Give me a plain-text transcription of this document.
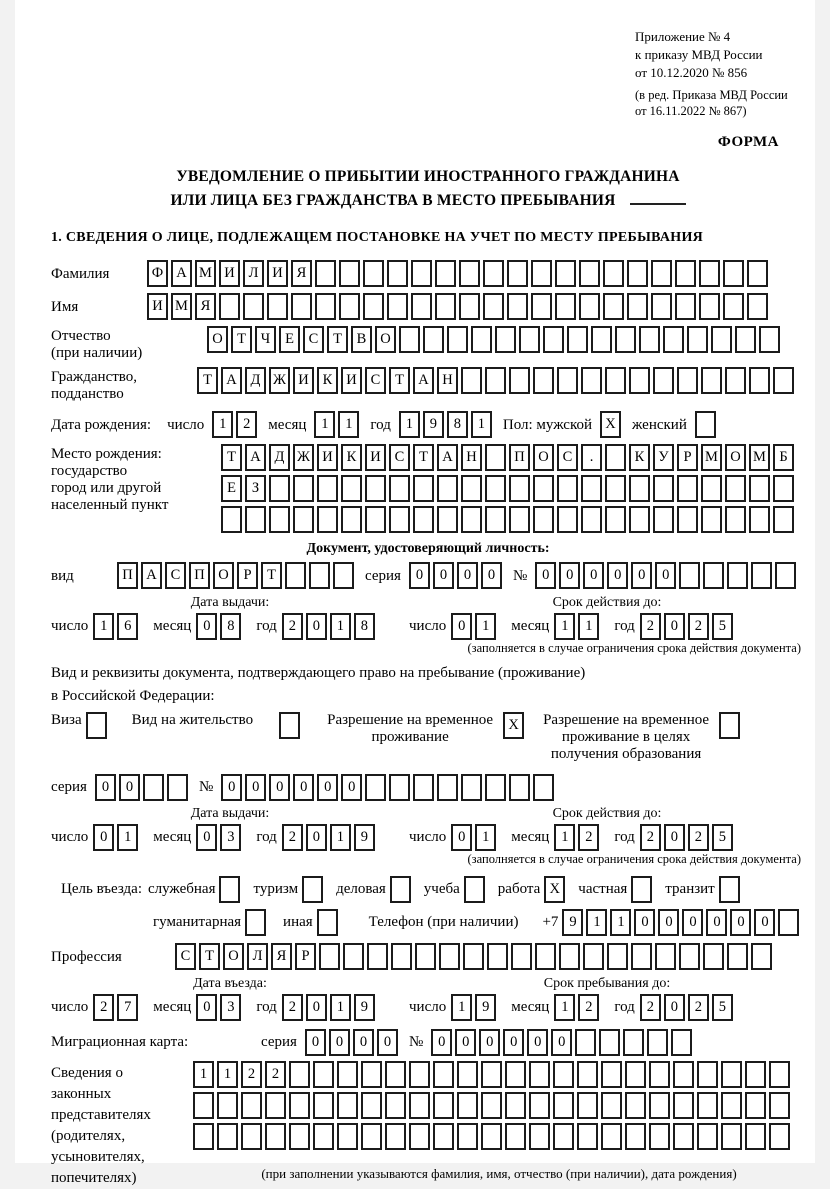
Приложение № 4
к приказу МВД России
от 10.12.2020 № 856
(в ред. Приказа МВД России
от 16.11.2022 № 867)
ФОРМА
УВЕДОМЛЕНИЕ О ПРИБЫТИИ ИНОСТРАННОГО ГРАЖДАНИНА
ИЛИ ЛИЦА БЕЗ ГРАЖДАНСТВА В МЕСТО ПРЕБЫВАНИЯ
1. СВЕДЕНИЯ О ЛИЦЕ, ПОДЛЕЖАЩЕМ ПОСТАНОВКЕ НА УЧЕТ ПО МЕСТУ ПРЕБЫВАНИЯ
Фамилия	Ф А М И Л И Я
Имя	И М Я
Отчество
(при наличии)
О Т	Ч	Е	С	Т	В О
Гражданство,
подданство
Т А Д Ж И К И С	Т А Н
Дата рождения: число	1	2	месяц	1	1	год	1	9	8	1	Пол: мужской X	женский
Место рождения:
государство
город или другой
населенный пункт
Т А Д Ж И К И С	Т А Н	П О С	.	К У	Р М О М Б
Е	З
Документ, удостоверяющий личность:
вид	П А С П О	Р	Т	серия	0	0	0	0	№	0	0	0	0	0	0
Дата выдачи:
число 1	6	месяц 0	8	год 2	0	1	8
Срок действия до:
число 0	1	месяц 1	1	год 2	0	2	5
(заполняется в случае ограничения срока действия документа)
Вид и реквизиты документа, подтверждающего право на пребывание (проживание)
в Российской Федерации:
Виза	Вид на жительство	Разрешение на временное
проживание
X	Разрешение на временное
проживание в целях
получения образования
серия	0	0	№	0	0	0	0	0	0
Дата выдачи:
число 0	1	месяц 0	3	год 2	0	1	9
Срок действия до:
число 0	1	месяц 1	2	год 2	0	2	5
(заполняется в случае ограничения срока действия документа)
Цель въезда: служебная	туризм	деловая	учеба	работа X	частная	транзит
гуманитарная	иная	Телефон (при наличии) +7 9	1	1	0	0	0	0	0	0
Профессия	С	Т О Л Я	Р
Дата въезда:
число 2	7	месяц 0	3	год 2	0	1	9
Срок пребывания до:
число 1	9	месяц 1	2	год 2	0	2	5
Миграционная карта:	серия	0	0	0	0	№	0	0	0	0	0	0
Сведения о
законных
представителях
(родителях,
усыновителях,
попечителях)
1	1	2	2
(при заполнении указываются фамилия, имя, отчество (при наличии), дата рождения)
